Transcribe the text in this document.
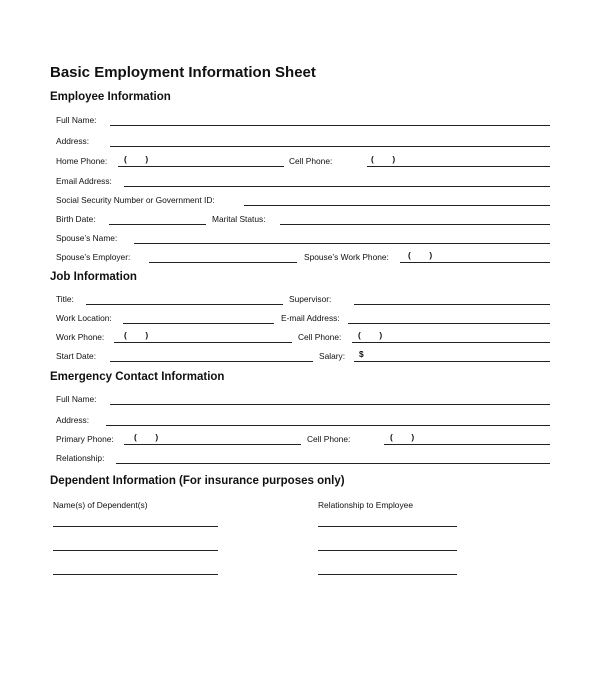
Basic Employment Information Sheet
Employee Information
Full Name:
Address:
Home Phone: (        )	Cell Phone:	(        )
Email Address:
Social Security Number or Government ID:
Birth Date:	Marital Status:
Spouse’s Name:
Spouse’s Employer:	Spouse’s Work Phone: (        )
Job Information
Title:	Supervisor:
Work Location:	E-mail Address:
Work Phone: (        )	Cell Phone: (        )
Start Date:	Salary: $
Emergency Contact Information
Full Name:
Address:
Primary Phone: (        )	Cell Phone:	(        )
Relationship:
Dependent Information (For insurance purposes only)
Name(s) of Dependent(s)	Relationship to Employee
